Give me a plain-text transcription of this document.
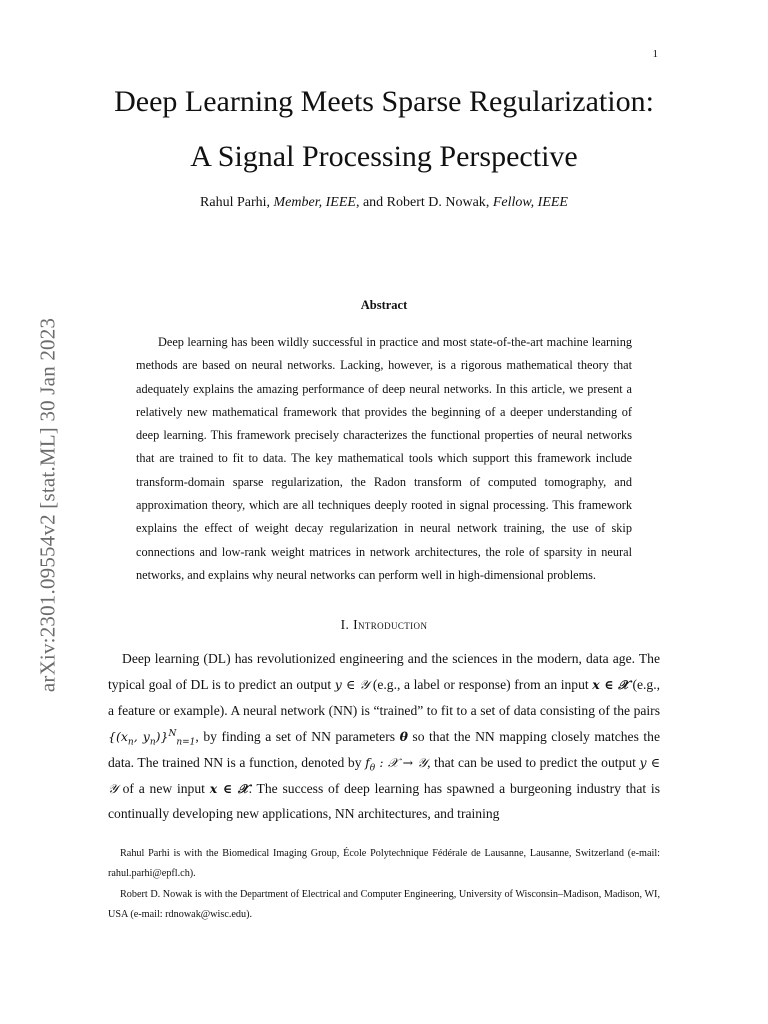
1
arXiv:2301.09554v2 [stat.ML] 30 Jan 2023
Deep Learning Meets Sparse Regularization:
A Signal Processing Perspective
Rahul Parhi, Member, IEEE, and Robert D. Nowak, Fellow, IEEE
Abstract

Deep learning has been wildly successful in practice and most state-of-the-art machine learning methods are based on neural networks. Lacking, however, is a rigorous mathematical theory that adequately explains the amazing performance of deep neural networks. In this article, we present a relatively new mathematical framework that provides the beginning of a deeper understanding of deep learning. This framework precisely characterizes the functional properties of neural networks that are trained to fit to data. The key mathematical tools which support this framework include transform-domain sparse regularization, the Radon transform of computed tomography, and approximation theory, which are all techniques deeply rooted in signal processing. This framework explains the effect of weight decay regularization in neural network training, the use of skip connections and low-rank weight matrices in network architectures, the role of sparsity in neural networks, and explains why neural networks can perform well in high-dimensional problems.

I. Introduction

Deep learning (DL) has revolutionized engineering and the sciences in the modern, data age. The typical goal of DL is to predict an output y ∈ 𝒴 (e.g., a label or response) from an input x ∈ 𝒳 (e.g., a feature or example). A neural network (NN) is “trained” to fit to a set of data consisting of the pairs {($x_n$, $y_n)\}^N_{n=1}$, by finding a set of NN parameters θ so that the NN mapping closely matches the data. The trained NN is a function, denoted by $f_\theta$ : 𝒳 → 𝒴, that can be used to predict the output y ∈ 𝒴 of a new input x ∈ 𝒳. The success of deep learning has spawned a burgeoning industry that is continually developing new applications, NN architectures, and training

Rahul Parhi is with the Biomedical Imaging Group, École Polytechnique Fédérale de Lausanne, Lausanne, Switzerland (e-mail: rahul.parhi@epfl.ch).

Robert D. Nowak is with the Department of Electrical and Computer Engineering, University of Wisconsin–Madison, Madison, WI, USA (e-mail: rdnowak@wisc.edu).
